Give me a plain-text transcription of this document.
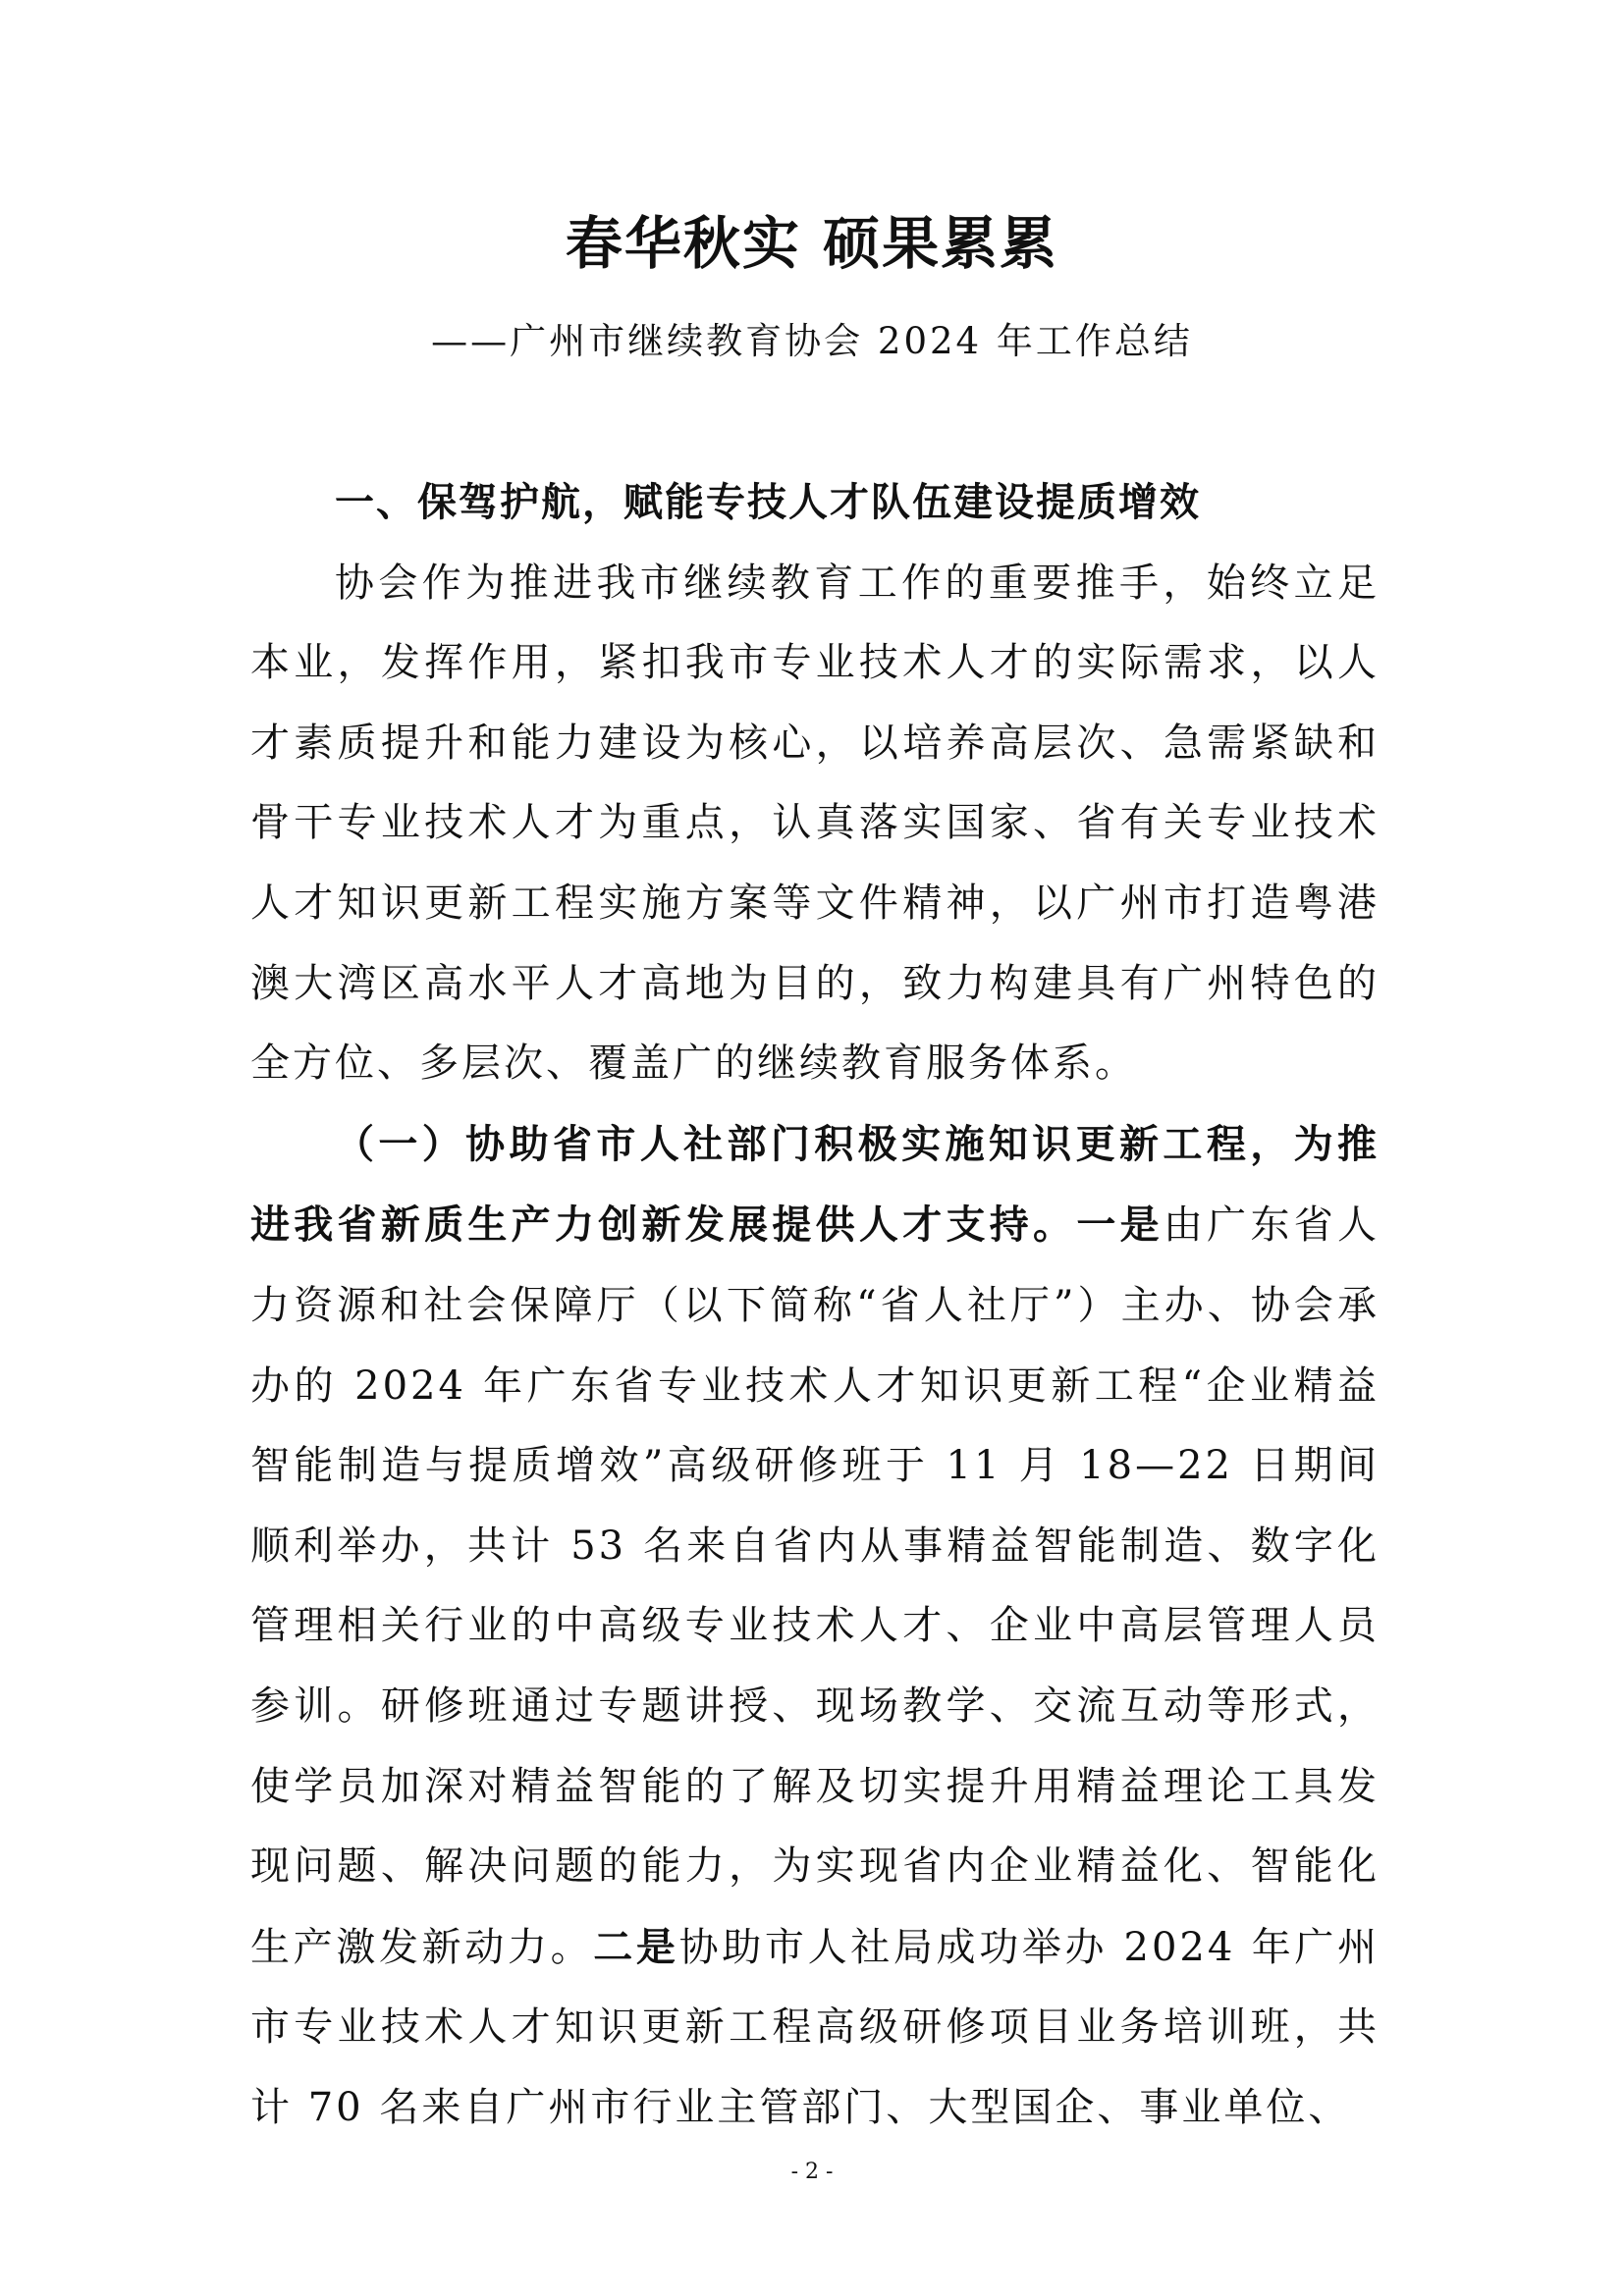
春华秋实 硕果累累
——广州市继续教育协会 2024 年工作总结

一、保驾护航，赋能专技人才队伍建设提质增效

协会作为推进我市继续教育工作的重要推手，始终立足本业，发挥作用，紧扣我市专业技术人才的实际需求，以人才素质提升和能力建设为核心，以培养高层次、急需紧缺和骨干专业技术人才为重点，认真落实国家、省有关专业技术人才知识更新工程实施方案等文件精神，以广州市打造粤港澳大湾区高水平人才高地为目的，致力构建具有广州特色的全方位、多层次、覆盖广的继续教育服务体系。

（一）协助省市人社部门积极实施知识更新工程，为推进我省新质生产力创新发展提供人才支持。一是由广东省人力资源和社会保障厅（以下简称“省人社厅”）主办、协会承办的 2024 年广东省专业技术人才知识更新工程“企业精益智能制造与提质增效”高级研修班于 11 月 18—22 日期间顺利举办，共计 53 名来自省内从事精益智能制造、数字化管理相关行业的中高级专业技术人才、企业中高层管理人员参训。研修班通过专题讲授、现场教学、交流互动等形式，使学员加深对精益智能的了解及切实提升用精益理论工具发现问题、解决问题的能力，为实现省内企业精益化、智能化生产激发新动力。二是协助市人社局成功举办 2024 年广州市专业技术人才知识更新工程高级研修项目业务培训班，共计 70 名来自广州市行业主管部门、大型国企、事业单位、

- 2 -
